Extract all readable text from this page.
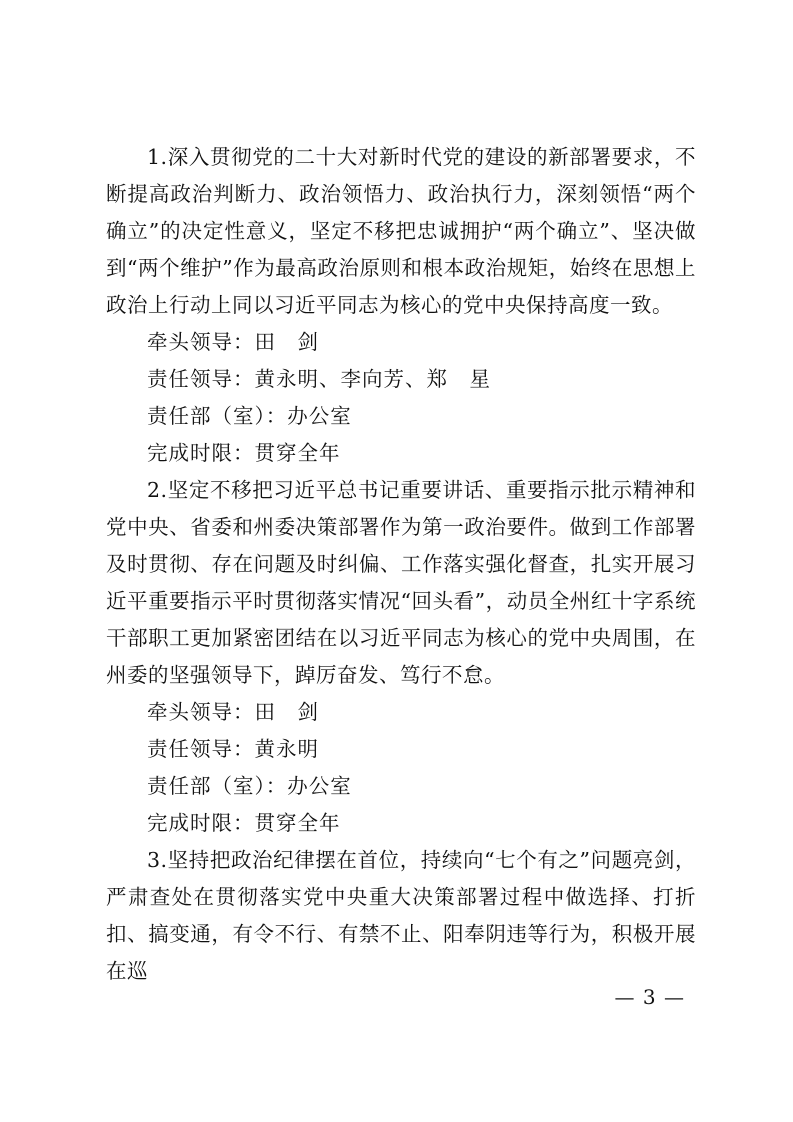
1.深入贯彻党的二十大对新时代党的建设的新部署要求，不断提高政治判断力、政治领悟力、政治执行力，深刻领悟“两个确立”的决定性意义，坚定不移把忠诚拥护“两个确立”、坚决做到“两个维护”作为最高政治原则和根本政治规矩，始终在思想上政治上行动上同以习近平同志为核心的党中央保持高度一致。

牵头领导：田　剑
责任领导：黄永明、李向芳、郑　星
责任部（室）：办公室
完成时限：贯穿全年

2.坚定不移把习近平总书记重要讲话、重要指示批示精神和党中央、省委和州委决策部署作为第一政治要件。做到工作部署及时贯彻、存在问题及时纠偏、工作落实强化督查，扎实开展习近平重要指示平时贯彻落实情况“回头看”，动员全州红十字系统干部职工更加紧密团结在以习近平同志为核心的党中央周围，在州委的坚强领导下，踔厉奋发、笃行不怠。

牵头领导：田　剑
责任领导：黄永明
责任部（室）：办公室
完成时限：贯穿全年

3.坚持把政治纪律摆在首位，持续向“七个有之”问题亮剑，严肃查处在贯彻落实党中央重大决策部署过程中做选择、打折扣、搞变通，有令不行、有禁不止、阳奉阴违等行为，积极开展在巡

— 3 —
